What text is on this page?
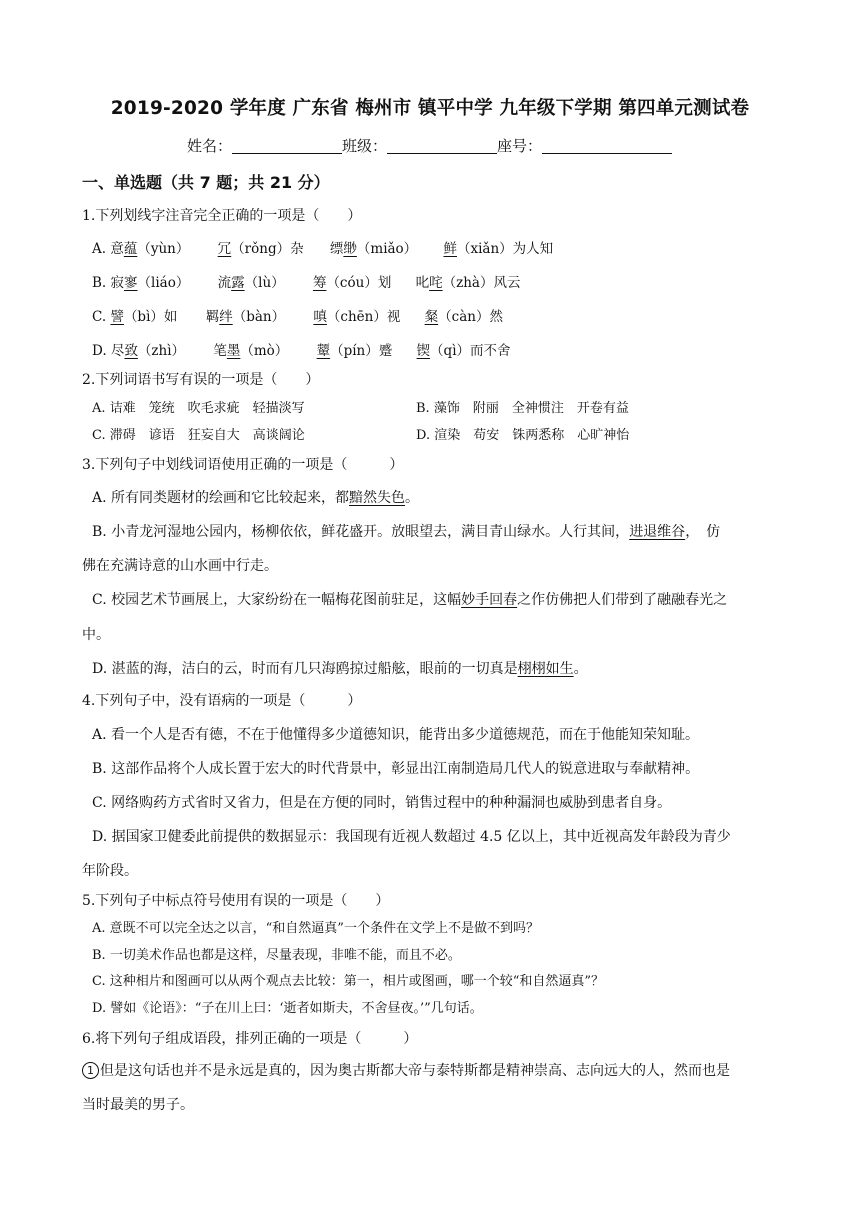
2019-2020 学年度 广东省 梅州市 镇平中学 九年级下学期 第四单元测试卷
姓名：	班级：	座号：
一、单选题（共 7 题；共 21 分）
1.下列划线字注音完全正确的一项是（　　）
A. 意蕴（yùn） 冗（rǒng）杂 缥缈（miǎo） 鲜（xiǎn）为人知
B. 寂寥（liáo） 流露（lù） 筹（cóu）划 叱咤（zhà）风云
C. 譬（bì）如 羁绊（bàn） 嗔（chēn）视 粲（càn）然
D. 尽致（zhì） 笔墨（mò） 颦（pín）蹙 锲（qì）而不舍
2.下列词语书写有误的一项是（　　）
A. 诘难　笼统　吹毛求疵　轻描淡写	B. 藻饰　附丽　全神惯注　开卷有益
C. 滞碍　谚语　狂妄自大　高谈阔论	D. 渲染　苟安　铢两悉称　心旷神怡
3.下列句子中划线词语使用正确的一项是（　　　）
A. 所有同类题材的绘画和它比较起来，都黯然失色。
B. 小青龙河湿地公园内，杨柳依依，鲜花盛开。放眼望去，满目青山绿水。人行其间，进退维谷，　仿
佛在充满诗意的山水画中行走。
C. 校园艺术节画展上，大家纷纷在一幅梅花图前驻足，这幅妙手回春之作仿佛把人们带到了融融春光之
中。
D. 湛蓝的海，洁白的云，时而有几只海鸥掠过船舷，眼前的一切真是栩栩如生。
4.下列句子中，没有语病的一项是（　　　）
A. 看一个人是否有德，不在于他懂得多少道德知识，能背出多少道德规范，而在于他能知荣知耻。
B. 这部作品将个人成长置于宏大的时代背景中，彰显出江南制造局几代人的锐意进取与奉献精神。
C. 网络购药方式省时又省力，但是在方便的同时，销售过程中的种种漏洞也威胁到患者自身。
D. 据国家卫健委此前提供的数据显示：我国现有近视人数超过 4.5 亿以上，其中近视高发年龄段为青少
年阶段。
5.下列句子中标点符号使用有误的一项是（　　）
A. 意既不可以完全达之以言，“和自然逼真”一个条件在文学上不是做不到吗？
B. 一切美术作品也都是这样，尽量表现，非唯不能，而且不必。
C. 这种相片和图画可以从两个观点去比较：第一，相片或图画，哪一个较“和自然逼真”？
D. 譬如《论语》：“子在川上曰：‘逝者如斯夫，不舍昼夜。’”几句话。
6.将下列句子组成语段，排列正确的一项是（　　　）
1 但是这句话也并不是永远是真的，因为奥古斯都大帝与泰特斯都是精神崇高、志向远大的人，然而也是
当时最美的男子。
